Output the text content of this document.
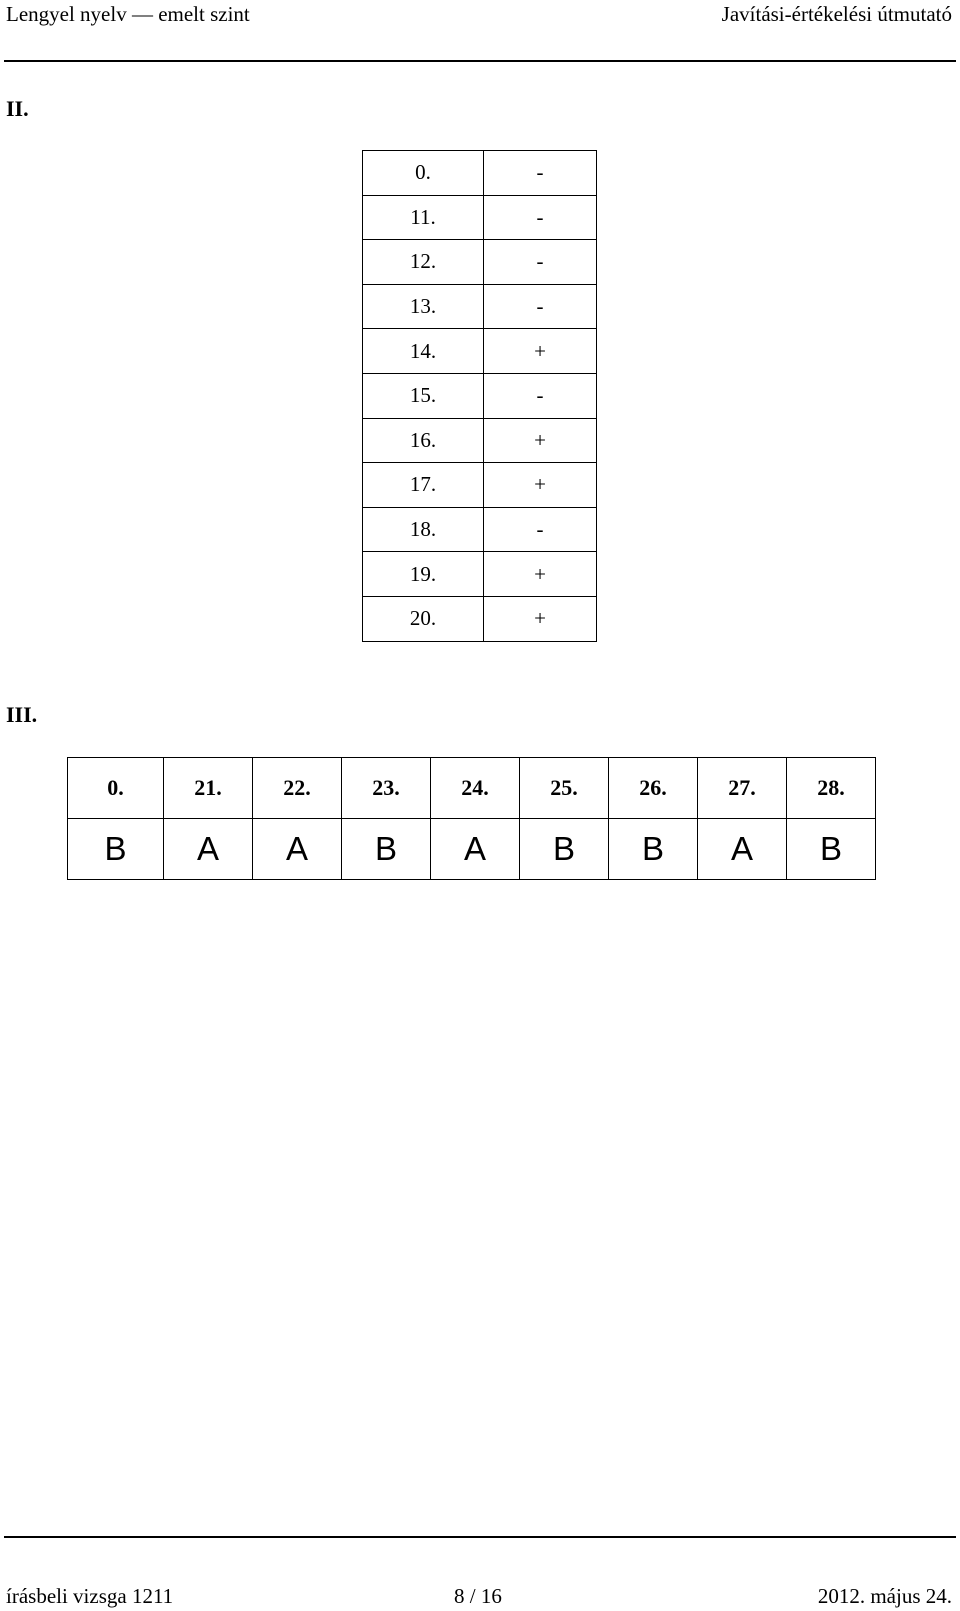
Lengyel nyelv — emelt szint	Javítási-értékelési útmutató
II.
0.	-
11.	-
12.	-
13.	-
14.	+
15.	-
16.	+
17.	+
18.	-
19.	+
20.	+
III.
0.	21.	22.	23.	24.	25.	26.	27.	28.
B	A	A	B	A	B	B	A	B
írásbeli vizsga 1211	8 / 16	2012. május 24.
